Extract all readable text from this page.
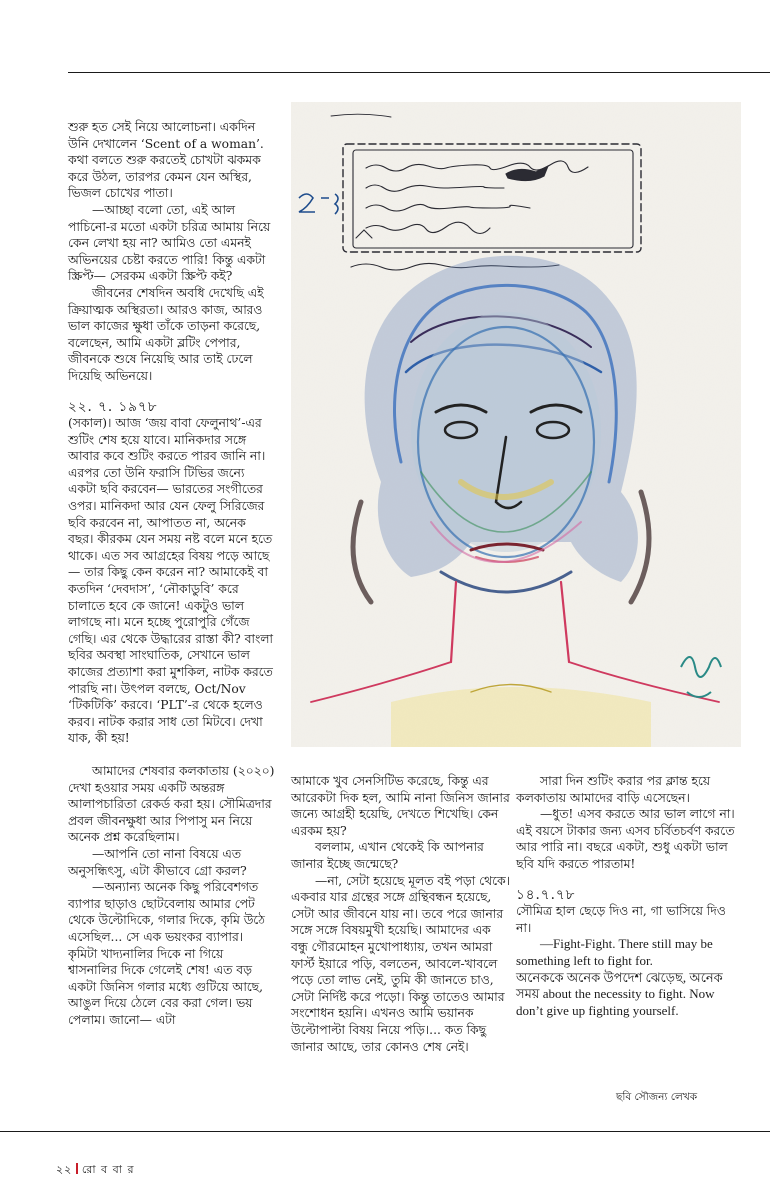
শুরু হত সেই নিয়ে আলোচনা। একদিন উনি দেখালেন ‘Scent of a woman’. কথা বলতে শুরু করতেই চোখটা ঝকমক করে উঠল, তারপর কেমন যেন অস্থির, ভিজল চোখের পাতা।

—আচ্ছা বলো তো, এই আল পাচিনো-র মতো একটা চরিত্র আমায় নিয়ে কেন লেখা হয় না? আমিও তো এমনই অভিনয়ের চেষ্টা করতে পারি! কিন্তু একটা স্ক্রিপ্ট— সেরকম একটা স্ক্রিপ্ট কই?

জীবনের শেষদিন অবধি দেখেছি এই ক্রিয়াত্মক অস্থিরতা। আরও কাজ, আরও ভাল কাজের ক্ষুধা তাঁকে তাড়না করেছে, বলেছেন, আমি একটা ব্লটিং পেপার, জীবনকে শুষে নিয়েছি আর তাই ঢেলে দিয়েছি অভিনয়ে।

২২. ৭. ১৯৭৮

(সকাল)। আজ ‘জয় বাবা ফেলুনাথ’-এর শুটিং শেষ হয়ে যাবে। মানিকদার সঙ্গে আবার কবে শুটিং করতে পারব জানি না। এরপর তো উনি ফরাসি টিভির জন্যে একটা ছবি করবেন— ভারতের সংগীতের ওপর। মানিকদা আর যেন ফেলু সিরিজের ছবি করবেন না, আপাতত না, অনেক বছর। কীরকম যেন সময় নষ্ট বলে মনে হতে থাকে। এত সব আগ্রহের বিষয় পড়ে আছে— তার কিছু কেন করেন না? আমাকেই বা কতদিন ‘দেবদাস’, ‘নৌকাডুবি’ করে চালাতে হবে কে জানে! একটুও ভাল লাগছে না। মনে হচ্ছে পুরোপুরি গেঁজে গেছি। এর থেকে উদ্ধারের রাস্তা কী? বাংলা ছবির অবস্থা সাংঘাতিক, সেখানে ভাল কাজের প্রত্যাশা করা মুশকিল, নাটক করতে পারছি না। উৎপল বলছে, Oct/Nov ‘টিকটিকি’ করবে। ‘PLT’-র থেকে হলেও করব। নাটক করার সাধ তো মিটবে। দেখা যাক, কী হয়!

আমাদের শেষবার কলকাতায় (২০২০) দেখা হওয়ার সময় একটি অন্তরঙ্গ আলাপচারিতা রেকর্ড করা হয়। সৌমিত্রদার প্রবল জীবনক্ষুধা আর পিপাসু মন নিয়ে অনেক প্রশ্ন করেছিলাম।

—আপনি তো নানা বিষয়ে এত অনুসন্ধিৎসু, এটা কীভাবে গ্রো করল?

—অন্যান্য অনেক কিছু পরিবেশগত ব্যাপার ছাড়াও ছোটবেলায় আমার পেট থেকে উল্টোদিকে, গলার দিকে, কৃমি উঠে এসেছিল... সে এক ভয়ংকর ব্যাপার। কৃমিটা খাদ্যনালির দিকে না গিয়ে শ্বাসনালির দিকে গেলেই শেষ! এত বড় একটা জিনিস গলার মধ্যে গুটিয়ে আছে, আঙুল দিয়ে ঠেলে বের করা গেল। ভয় পেলাম। জানো— এটা

আমাকে খুব সেনসিটিভ করেছে, কিন্তু এর আরেকটা দিক হল, আমি নানা জিনিস জানার জন্যে আগ্রহী হয়েছি, দেখতে শিখেছি। কেন এরকম হয়?

বললাম, এখান থেকেই কি আপনার জানার ইচ্ছে জন্মেছে?

—না, সেটা হয়েছে মূলত বই পড়া থেকে। একবার যার গ্রন্থের সঙ্গে গ্রন্থিবন্ধন হয়েছে, সেটা আর জীবনে যায় না। তবে পরে জানার সঙ্গে সঙ্গে বিষয়মুখী হয়েছি। আমাদের এক বন্ধু গৌরমোহন মুখোপাধ্যায়, তখন আমরা ফার্স্ট ইয়ারে পড়ি, বলতেন, আবলে-খাবলে পড়ে তো লাভ নেই, তুমি কী জানতে চাও, সেটা নির্দিষ্ট করে পড়ো। কিন্তু তাতেও আমার সংশোধন হয়নি। এখনও আমি ভয়ানক উল্টোপাল্টা বিষয় নিয়ে পড়ি।... কত কিছু জানার আছে, তার কোনও শেষ নেই।

সারা দিন শুটিং করার পর ক্লান্ত হয়ে কলকাতায় আমাদের বাড়ি এসেছেন।

—ধুত! এসব করতে আর ভাল লাগে না। এই বয়সে টাকার জন্য এসব চর্বিতচর্বণ করতে আর পারি না। বছরে একটা, শুধু একটা ভাল ছবি যদি করতে পারতাম!

১৪.৭.৭৮

সৌমিত্র হাল ছেড়ে দিও না, গা ভাসিয়ে দিও না।

—Fight-Fight. There still may be something left to fight for.

অনেককে অনেক উপদেশ ঝেড়েছ, অনেক সময় about the necessity to fight. Now don’t give up fighting yourself.

ছবি সৌজন্য লেখক
২২ রো ব বা র
